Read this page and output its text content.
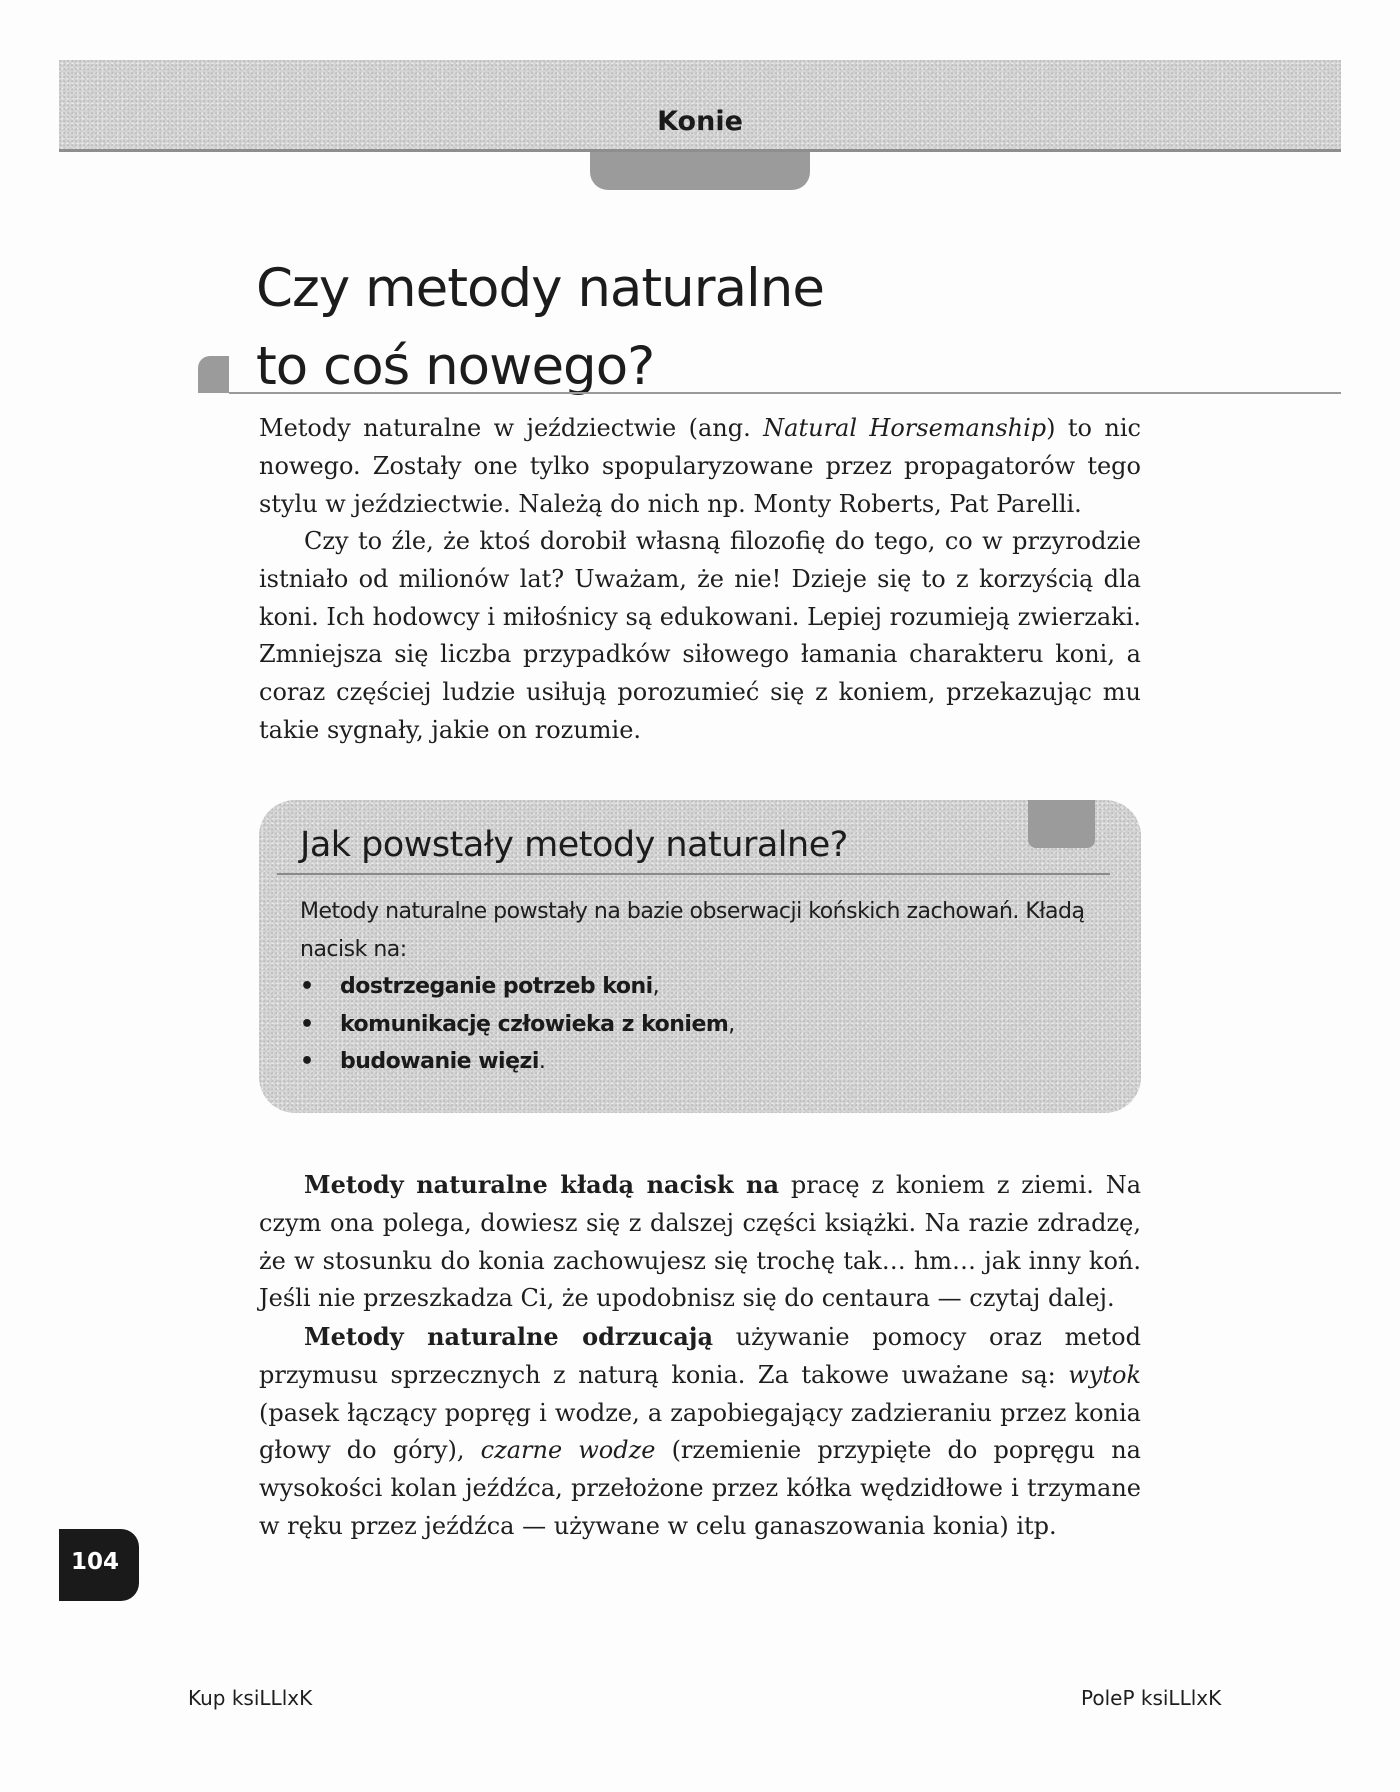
Konie
Czy metody naturalne
to coś nowego?

Metody naturalne w jeździectwie (ang. Natural Horsemanship) to nic nowego. Zostały one tylko spopularyzowane przez propagatorów tego stylu w jeździectwie. Należą do nich np. Monty Roberts, Pat Parelli.

Czy to źle, że ktoś dorobił własną filozofię do tego, co w przyrodzie istniało od milionów lat? Uważam, że nie! Dzieje się to z korzyścią dla koni. Ich hodowcy i miłośnicy są edukowani. Lepiej rozumieją zwierzaki. Zmniejsza się liczba przypadków siłowego łamania charakteru koni, a coraz częściej ludzie usiłują porozumieć się z koniem, przekazując mu takie sygnały, jakie on rozumie.

Jak powstały metody naturalne?

Metody naturalne powstały na bazie obserwacji końskich zachowań. Kładą nacisk na:

• dostrzeganie potrzeb koni,
• komunikację człowieka z koniem,
• budowanie więzi.

Metody naturalne kładą nacisk na pracę z koniem z ziemi. Na czym ona polega, dowiesz się z dalszej części książki. Na razie zdradzę, że w stosunku do konia zachowujesz się trochę tak… hm… jak inny koń. Jeśli nie przeszkadza Ci, że upodobnisz się do centaura — czytaj dalej.

Metody naturalne odrzucają używanie pomocy oraz metod przymusu sprzecznych z naturą konia. Za takowe uważane są: wytok (pasek łączący popręg i wodze, a zapobiegający zadzieraniu przez konia głowy do góry), czarne wodze (rzemienie przypięte do popręgu na wysokości kolan jeźdźca, przełożone przez kółka wędzidłowe i trzymane w ręku przez jeźdźca — używane w celu ganaszowania konia) itp.

104
Kup ksiLLlxK	PoleP ksiLLlxK
